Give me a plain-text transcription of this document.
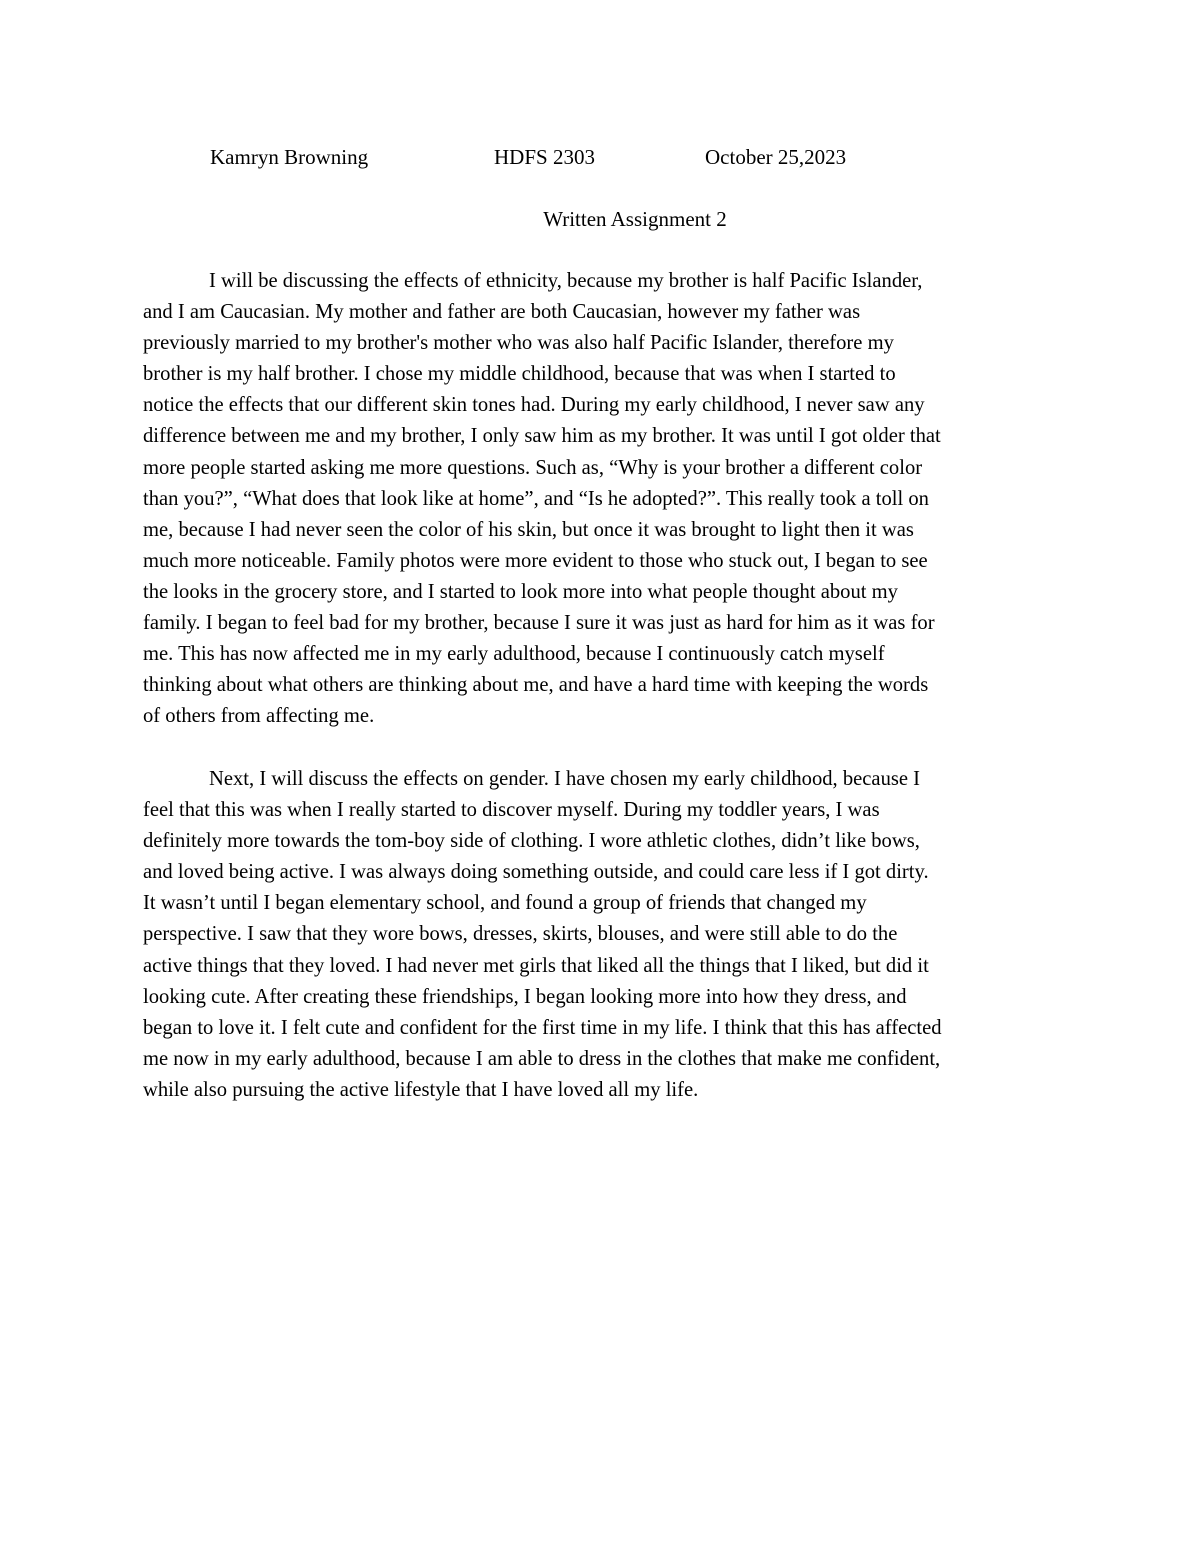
Kamryn Browning	HDFS 2303	October 25,2023
Written Assignment 2

I will be discussing the effects of ethnicity, because my brother is half Pacific Islander,
and I am Caucasian. My mother and father are both Caucasian, however my father was
previously married to my brother's mother who was also half Pacific Islander, therefore my
brother is my half brother. I chose my middle childhood, because that was when I started to
notice the effects that our different skin tones had. During my early childhood, I never saw any
difference between me and my brother, I only saw him as my brother. It was until I got older that
more people started asking me more questions. Such as, “Why is your brother a different color
than you?”, “What does that look like at home”, and “Is he adopted?”. This really took a toll on
me, because I had never seen the color of his skin, but once it was brought to light then it was
much more noticeable. Family photos were more evident to those who stuck out, I began to see
the looks in the grocery store, and I started to look more into what people thought about my
family. I began to feel bad for my brother, because I sure it was just as hard for him as it was for
me. This has now affected me in my early adulthood, because I continuously catch myself
thinking about what others are thinking about me, and have a hard time with keeping the words
of others from affecting me.

Next, I will discuss the effects on gender. I have chosen my early childhood, because I
feel that this was when I really started to discover myself. During my toddler years, I was
definitely more towards the tom-boy side of clothing. I wore athletic clothes, didn’t like bows,
and loved being active. I was always doing something outside, and could care less if I got dirty.
It wasn’t until I began elementary school, and found a group of friends that changed my
perspective. I saw that they wore bows, dresses, skirts, blouses, and were still able to do the
active things that they loved. I had never met girls that liked all the things that I liked, but did it
looking cute. After creating these friendships, I began looking more into how they dress, and
began to love it. I felt cute and confident for the first time in my life. I think that this has affected
me now in my early adulthood, because I am able to dress in the clothes that make me confident,
while also pursuing the active lifestyle that I have loved all my life.
